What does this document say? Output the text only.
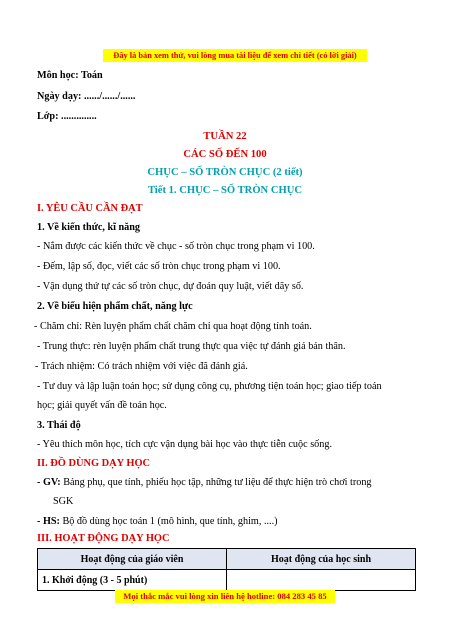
Đây là bản xem thử, vui lòng mua tài liệu để xem chi tiết (có lời giải)
Môn học: Toán
Ngày dạy: ....../....../......
Lớp: ..............
TUẦN 22
CÁC SỐ ĐẾN 100
CHỤC – SỐ TRÒN CHỤC (2 tiết)
Tiết 1. CHỤC – SỐ TRÒN CHỤC
I. YÊU CẦU CẦN ĐẠT
1. Về kiến thức, kĩ năng
- Nắm được các kiến thức về chục - số tròn chục trong phạm vi 100.
- Đếm, lập số, đọc, viết các số tròn chục trong phạm vi 100.
- Vận dụng thứ tự các số tròn chục, dự đoán quy luật, viết dãy số.
2. Về biểu hiện phẩm chất, năng lực
- Chăm chỉ: Rèn luyện phẩm chất chăm chỉ qua hoạt động tính toán.
- Trung thực: rèn luyện phẩm chất trung thực qua việc tự đánh giá bản thân.
- Trách nhiệm: Có trách nhiệm với việc đã đánh giá.
- Tư duy và lập luận toán học; sử dụng công cụ, phương tiện toán học; giao tiếp toán
học; giải quyết vấn đề toán học.
3. Thái độ
- Yêu thích môn học, tích cực vận dụng bài học vào thực tiễn cuộc sống.
II. ĐỒ DÙNG DẠY HỌC
- GV: Bảng phụ, que tính, phiếu học tập, những tư liệu để thực hiện trò chơi trong
SGK
- HS: Bộ đồ dùng học toán 1 (mô hình, que tính, ghim, ....)
III. HOẠT ĐỘNG DẠY HỌC
Hoạt động của giáo viên	Hoạt động của học sinh
1. Khởi động (3 - 5 phút)	
Mọi thắc mắc vui lòng xin liên hệ hotline: 084 283 45 85
